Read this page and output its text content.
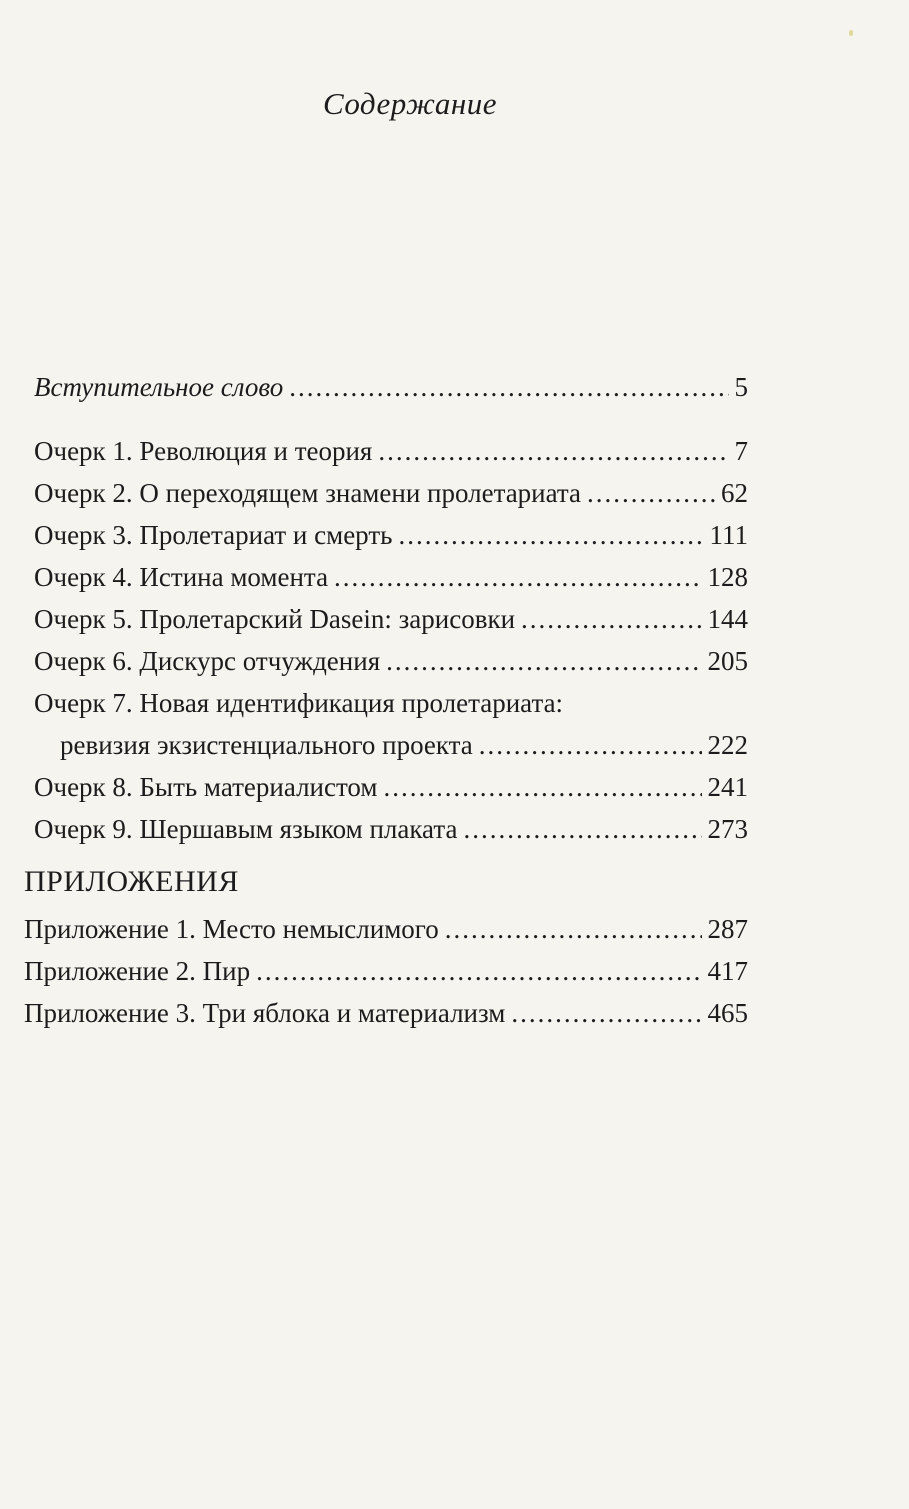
Содержание
Вступительное слово .....	5
Очерк 1. Революция и теория .....	7
Очерк 2. О переходящем знамени пролетариата .....	62
Очерк 3. Пролетариат и смерть .....	111
Очерк 4. Истина момента .....	128
Очерк 5. Пролетарский Dasein: зарисовки .....	144
Очерк 6. Дискурс отчуждения .....	205
Очерк 7. Новая идентификация пролетариата:
ревизия экзистенциального проекта .....	222
Очерк 8. Быть материалистом .....	241
Очерк 9. Шершавым языком плаката .....	273
ПРИЛОЖЕНИЯ
Приложение 1. Место немыслимого .....	287
Приложение 2. Пир .....	417
Приложение 3. Три яблока и материализм .....	465
